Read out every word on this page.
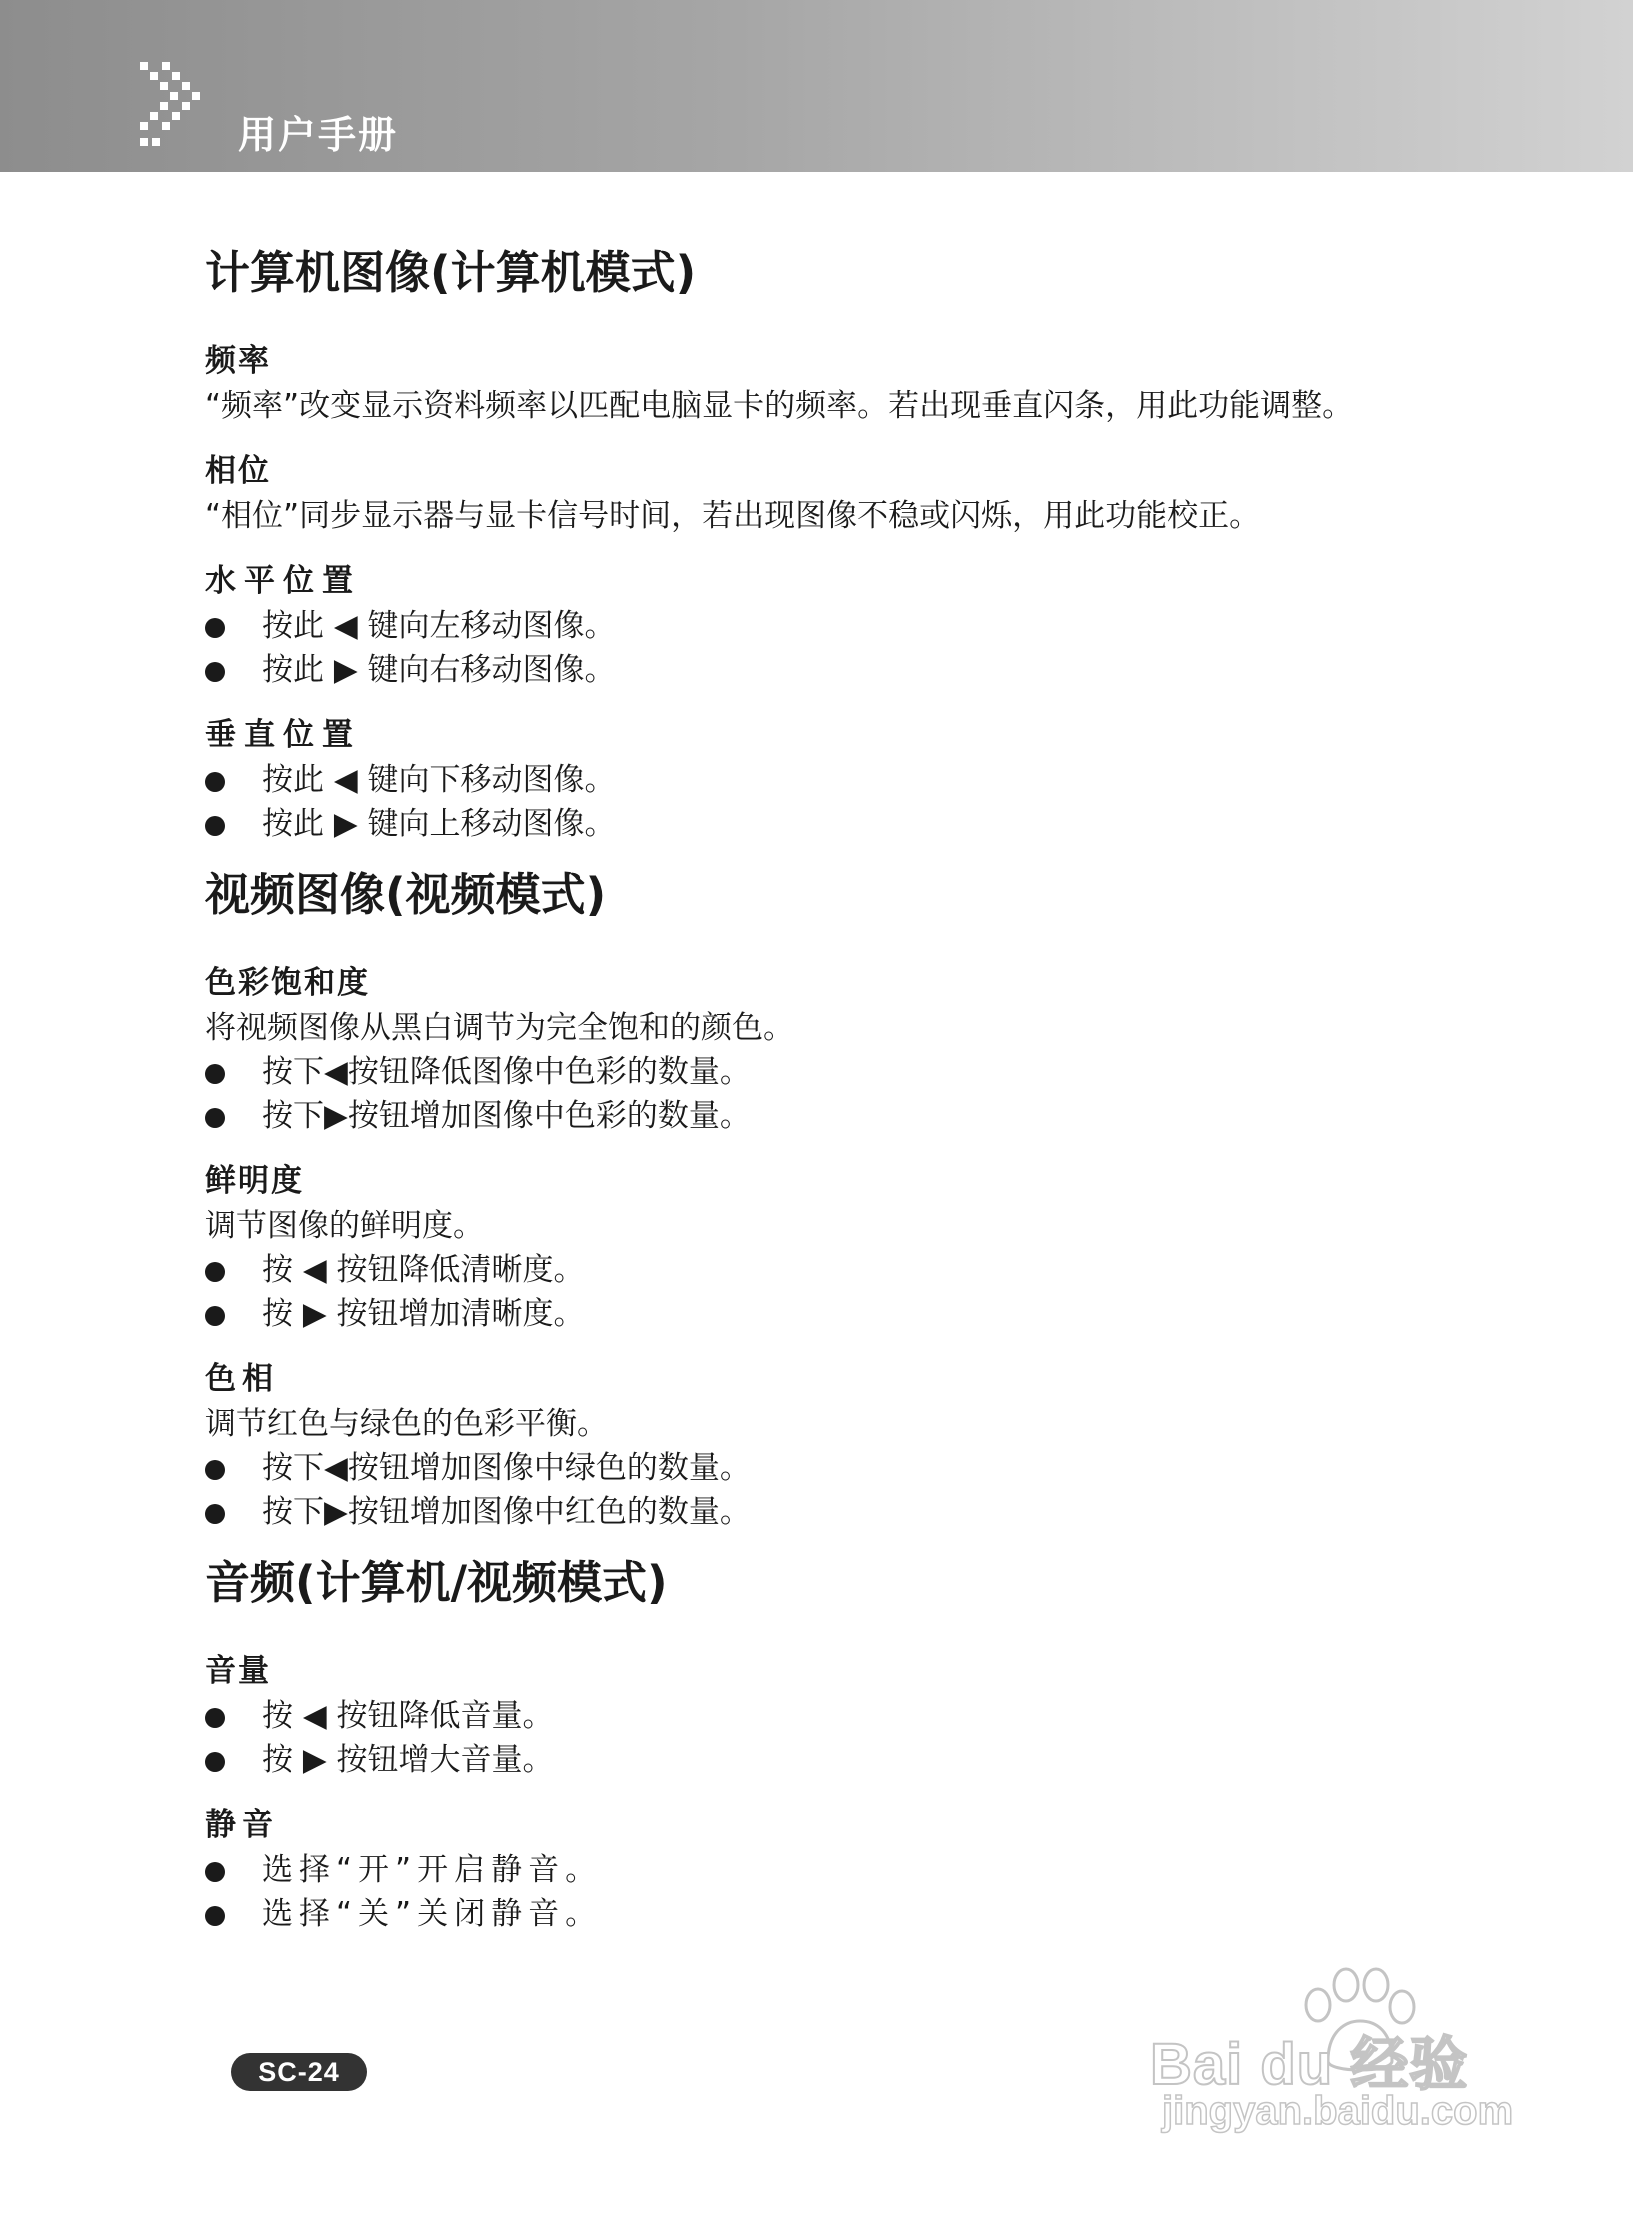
用户手册
计算机图像(计算机模式)
频率
“频率”改变显示资料频率以匹配电脑显卡的频率。若出现垂直闪条，用此功能调整。
相位
“相位”同步显示器与显卡信号时间，若出现图像不稳或闪烁，用此功能校正。
水平位置
按此 ◀ 键向左移动图像。
按此 ▶ 键向右移动图像。
垂直位置
按此 ◀ 键向下移动图像。
按此 ▶ 键向上移动图像。
视频图像(视频模式)
色彩饱和度
将视频图像从黑白调节为完全饱和的颜色。
按下◀按钮降低图像中色彩的数量。
按下▶按钮增加图像中色彩的数量。
鲜明度
调节图像的鲜明度。
按 ◀ 按钮降低清晰度。
按 ▶ 按钮增加清晰度。
色相
调节红色与绿色的色彩平衡。
按下◀按钮增加图像中绿色的数量。
按下▶按钮增加图像中红色的数量。
音频(计算机/视频模式)
音量
按 ◀ 按钮降低音量。
按 ▶ 按钮增大音量。
静音
选择“开”开启静音。
选择“关”关闭静音。
SC-24	Bai du 经验
jingyan.baidu.com
